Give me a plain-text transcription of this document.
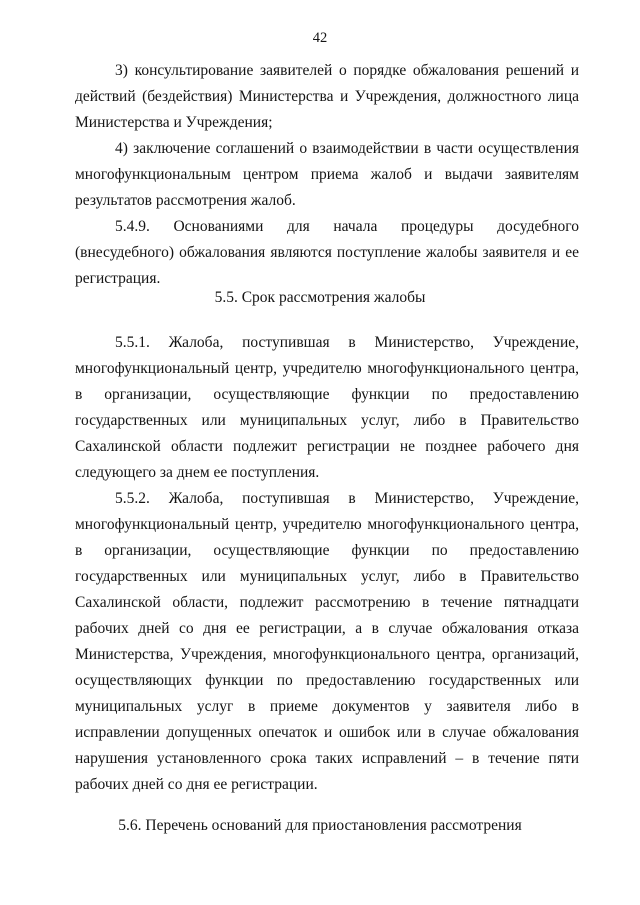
42

3) консультирование заявителей о порядке обжалования решений и действий (бездействия) Министерства и Учреждения, должностного лица Министерства и Учреждения;

4) заключение соглашений о взаимодействии в части осуществления многофункциональным центром приема жалоб и выдачи заявителям результатов рассмотрения жалоб.

5.4.9. Основаниями для начала процедуры досудебного (внесудебного) обжалования являются поступление жалобы заявителя и ее регистрация.

5.5. Срок рассмотрения жалобы

5.5.1. Жалоба, поступившая в Министерство, Учреждение, многофункциональный центр, учредителю многофункционального центра, в организации, осуществляющие функции по предоставлению государственных или муниципальных услуг, либо в Правительство Сахалинской области подлежит регистрации не позднее рабочего дня следующего за днем ее поступления.

5.5.2. Жалоба, поступившая в Министерство, Учреждение, многофункциональный центр, учредителю многофункционального центра, в организации, осуществляющие функции по предоставлению государственных или муниципальных услуг, либо в Правительство Сахалинской области, подлежит рассмотрению в течение пятнадцати рабочих дней со дня ее регистрации, а в случае обжалования отказа Министерства, Учреждения, многофункционального центра, организаций, осуществляющих функции по предоставлению государственных или муниципальных услуг в приеме документов у заявителя либо в исправлении допущенных опечаток и ошибок или в случае обжалования нарушения установленного срока таких исправлений – в течение пяти рабочих дней со дня ее регистрации.

5.6. Перечень оснований для приостановления рассмотрения
